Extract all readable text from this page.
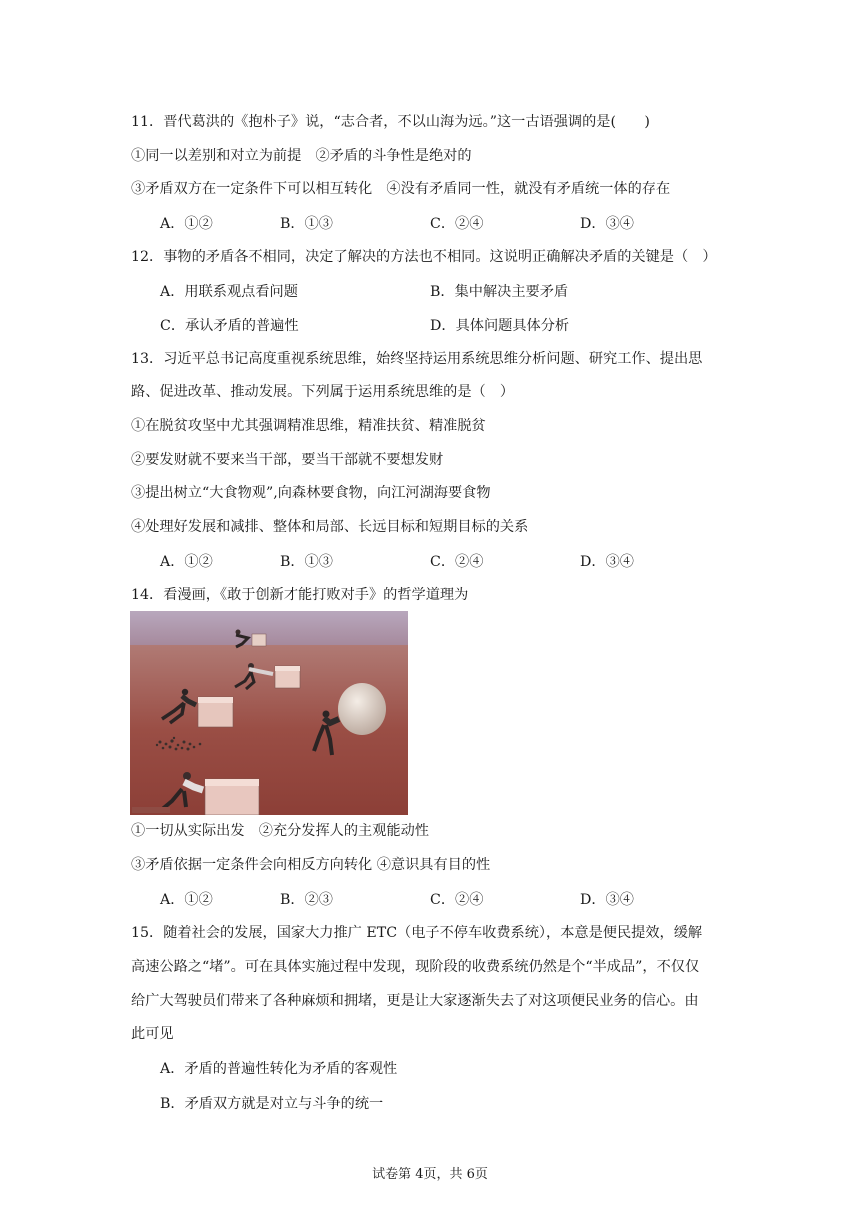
11．晋代葛洪的《抱朴子》说，“志合者，不以山海为远。”这一古语强调的是(　　)
①同一以差别和对立为前提　②矛盾的斗争性是绝对的
③矛盾双方在一定条件下可以相互转化　④没有矛盾同一性，就没有矛盾统一体的存在
A．①②	B．①③	C．②④	D．③④
12．事物的矛盾各不相同，决定了解决的方法也不相同。这说明正确解决矛盾的关键是（　）
A．用联系观点看问题	B．集中解决主要矛盾
C．承认矛盾的普遍性	D．具体问题具体分析
13．习近平总书记高度重视系统思维，始终坚持运用系统思维分析问题、研究工作、提出思
路、促进改革、推动发展。下列属于运用系统思维的是（　）
①在脱贫攻坚中尤其强调精准思维，精准扶贫、精准脱贫
②要发财就不要来当干部，要当干部就不要想发财
③提出树立“大食物观”,向森林要食物，向江河湖海要食物
④处理好发展和减排、整体和局部、长远目标和短期目标的关系
A．①②	B．①③	C．②④	D．③④
14．看漫画，《敢于创新才能打败对手》的哲学道理为
①一切从实际出发　②充分发挥人的主观能动性
③矛盾依据一定条件会向相反方向转化 ④意识具有目的性
A．①②	B．②③	C．②④	D．③④
15．随着社会的发展，国家大力推广 ETC（电子不停车收费系统），本意是便民提效，缓解
高速公路之“堵”。可在具体实施过程中发现，现阶段的收费系统仍然是个“半成品”，不仅仅
给广大驾驶员们带来了各种麻烦和拥堵，更是让大家逐渐失去了对这项便民业务的信心。由
此可见
A．矛盾的普遍性转化为矛盾的客观性
B．矛盾双方就是对立与斗争的统一
试卷第 4页，共 6页
